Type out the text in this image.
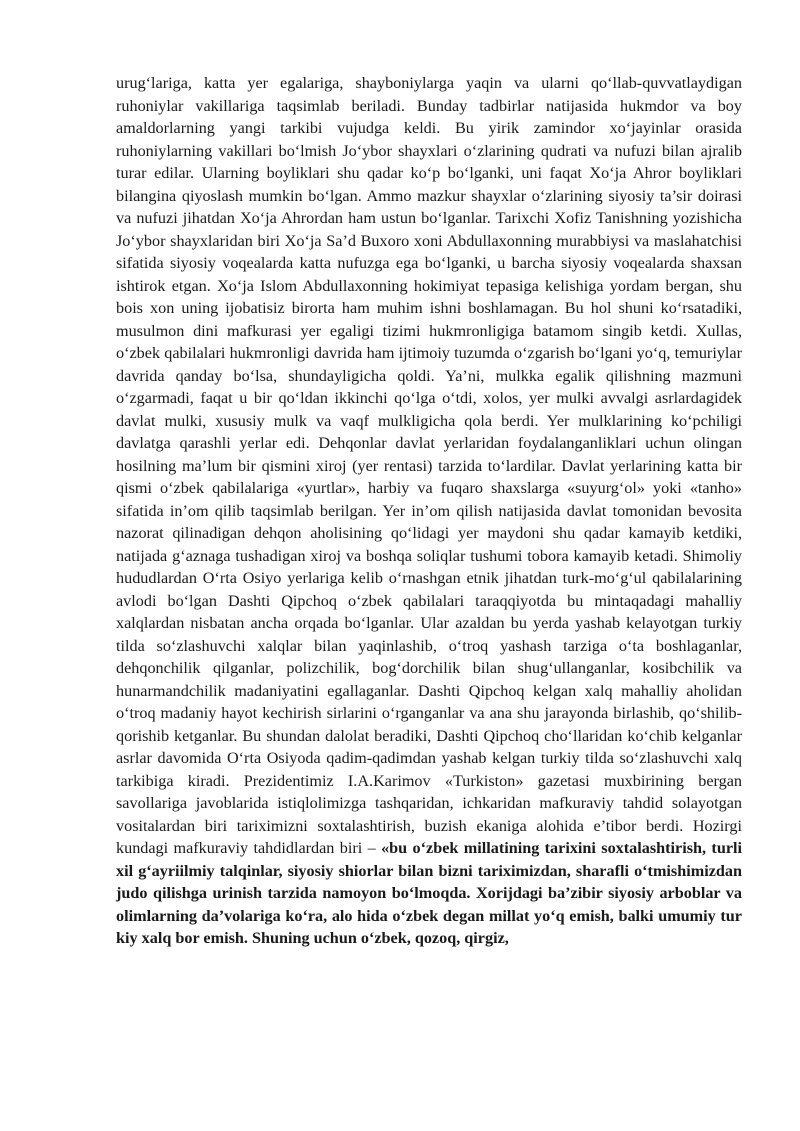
urug‘lariga, katta yer egalariga, shayboniylarga yaqin va ularni qo‘llab-quvvatlaydigan ruhoniylar vakillariga taqsimlab beriladi. Bunday tadbirlar natijasida hukmdor va boy amaldorlarning yangi tarkibi vujudga keldi. Bu yirik zamindor xo‘jayinlar orasida ruhoniylarning vakillari bo‘lmish Jo‘ybor shayxlari o‘zlarining qudrati va nufuzi bilan ajralib turar edilar. Ularning boyliklari shu qadar ko‘p bo‘lganki, uni faqat Xo‘ja Ahror boyliklari bilangina qiyoslash mumkin bo‘lgan. Ammo mazkur shayxlar o‘zlarining siyosiy ta’sir doirasi va nufuzi jihatdan Xo‘ja Ahrordan ham ustun bo‘lganlar. Tarixchi Xofiz Tanishning yozishicha Jo‘ybor shayxlaridan biri Xo‘ja Sa’d Buxoro xoni Abdullaxonning murabbiysi va maslahatchisi sifatida siyosiy voqealarda katta nufuzga ega bo‘lganki, u barcha siyosiy voqealarda shaxsan ishtirok etgan. Xo‘ja Islom Abdullaxonning hokimiyat tepasiga kelishiga yordam bergan, shu bois xon uning ijobatisiz birorta ham muhim ishni boshlamagan. Bu hol shuni ko‘rsatadiki, musulmon dini mafkurasi yer egaligi tizimi hukmronligiga batamom singib ketdi. Xullas, o‘zbek qabilalari hukmronligi davrida ham ijtimoiy tuzumda o‘zgarish bo‘lgani yo‘q, temuriylar davrida qanday bo‘lsa, shundayligicha qoldi. Ya’ni, mulkka egalik qilishning mazmuni o‘zgarmadi, faqat u bir qo‘ldan ikkinchi qo‘lga o‘tdi, xolos, yer mulki avvalgi asrlardagidek davlat mulki, xususiy mulk va vaqf mulkligicha qola berdi. Yer mulklarining ko‘pchiligi davlatga qarashli yerlar edi. Dehqonlar davlat yerlaridan foydalanganliklari uchun olingan hosilning ma’lum bir qismini xiroj (yer rentasi) tarzida to‘lardilar. Davlat yerlarining katta bir qismi o‘zbek qabilalariga «yurtlar», harbiy va fuqaro shaxslarga «suyurg‘ol» yoki «tanho» sifatida in’om qilib taqsimlab berilgan. Yer in’om qilish natijasida davlat tomonidan bevosita nazorat qilinadigan dehqon aholisining qo‘lidagi yer maydoni shu qadar kamayib ketdiki, natijada g‘aznaga tushadigan xiroj va boshqa soliqlar tushumi tobora kamayib ketadi. Shimoliy hududlardan O‘rta Osiyo yerlariga kelib o‘rnashgan etnik jihatdan turk-mo‘g‘ul qabilalarining avlodi bo‘lgan Dashti Qipchoq o‘zbek qabilalari taraqqiyotda bu mintaqadagi mahalliy xalqlardan nisbatan ancha orqada bo‘lganlar. Ular azaldan bu yerda yashab kelayotgan turkiy tilda so‘zlashuvchi xalqlar bilan yaqinlashib, o‘troq yashash tarziga o‘ta boshlaganlar, dehqonchilik qilganlar, polizchilik, bog‘dorchilik bilan shug‘ullanganlar, kosibchilik va hunarmandchilik madaniyatini egallaganlar. Dashti Qipchoq kelgan xalq mahalliy aholidan o‘troq madaniy hayot kechirish sirlarini o‘rganganlar va ana shu jarayonda birlashib, qo‘shilib-qorishib ketganlar. Bu shundan dalolat beradiki, Dashti Qipchoq cho‘llaridan ko‘chib kelganlar asrlar davomida O‘rta Osiyoda qadim-qadimdan yashab kelgan turkiy tilda so‘zlashuvchi xalq tarkibiga kiradi. Prezidentimiz I.A.Karimov «Turkiston» gazetasi muxbirining bergan savollariga javoblarida istiqlolimizga tashqaridan, ichkaridan mafkuraviy tahdid solayotgan vositalardan biri tariximizni soxtalashtirish, buzish ekaniga alohida e’tibor berdi. Hozirgi kundagi mafkuraviy tahdidlardan biri – «bu o‘zbek millatining tarixini soxtalashtirish, turli xil g‘ayriilmiy talqinlar, siyosiy shiorlar bilan bizni tariximizdan, sharafli o‘tmishimizdan judo qilishga urinish tarzida namoyon bo‘lmoqda. Xorijdagi ba’zibir siyosiy arboblar va olimlarning da’volariga ko‘ra, alo hida o‘zbek degan millat yo‘q emish, balki umumiy tur kiy xalq bor emish. Shuning uchun o‘zbek, qozoq, qirgiz,
